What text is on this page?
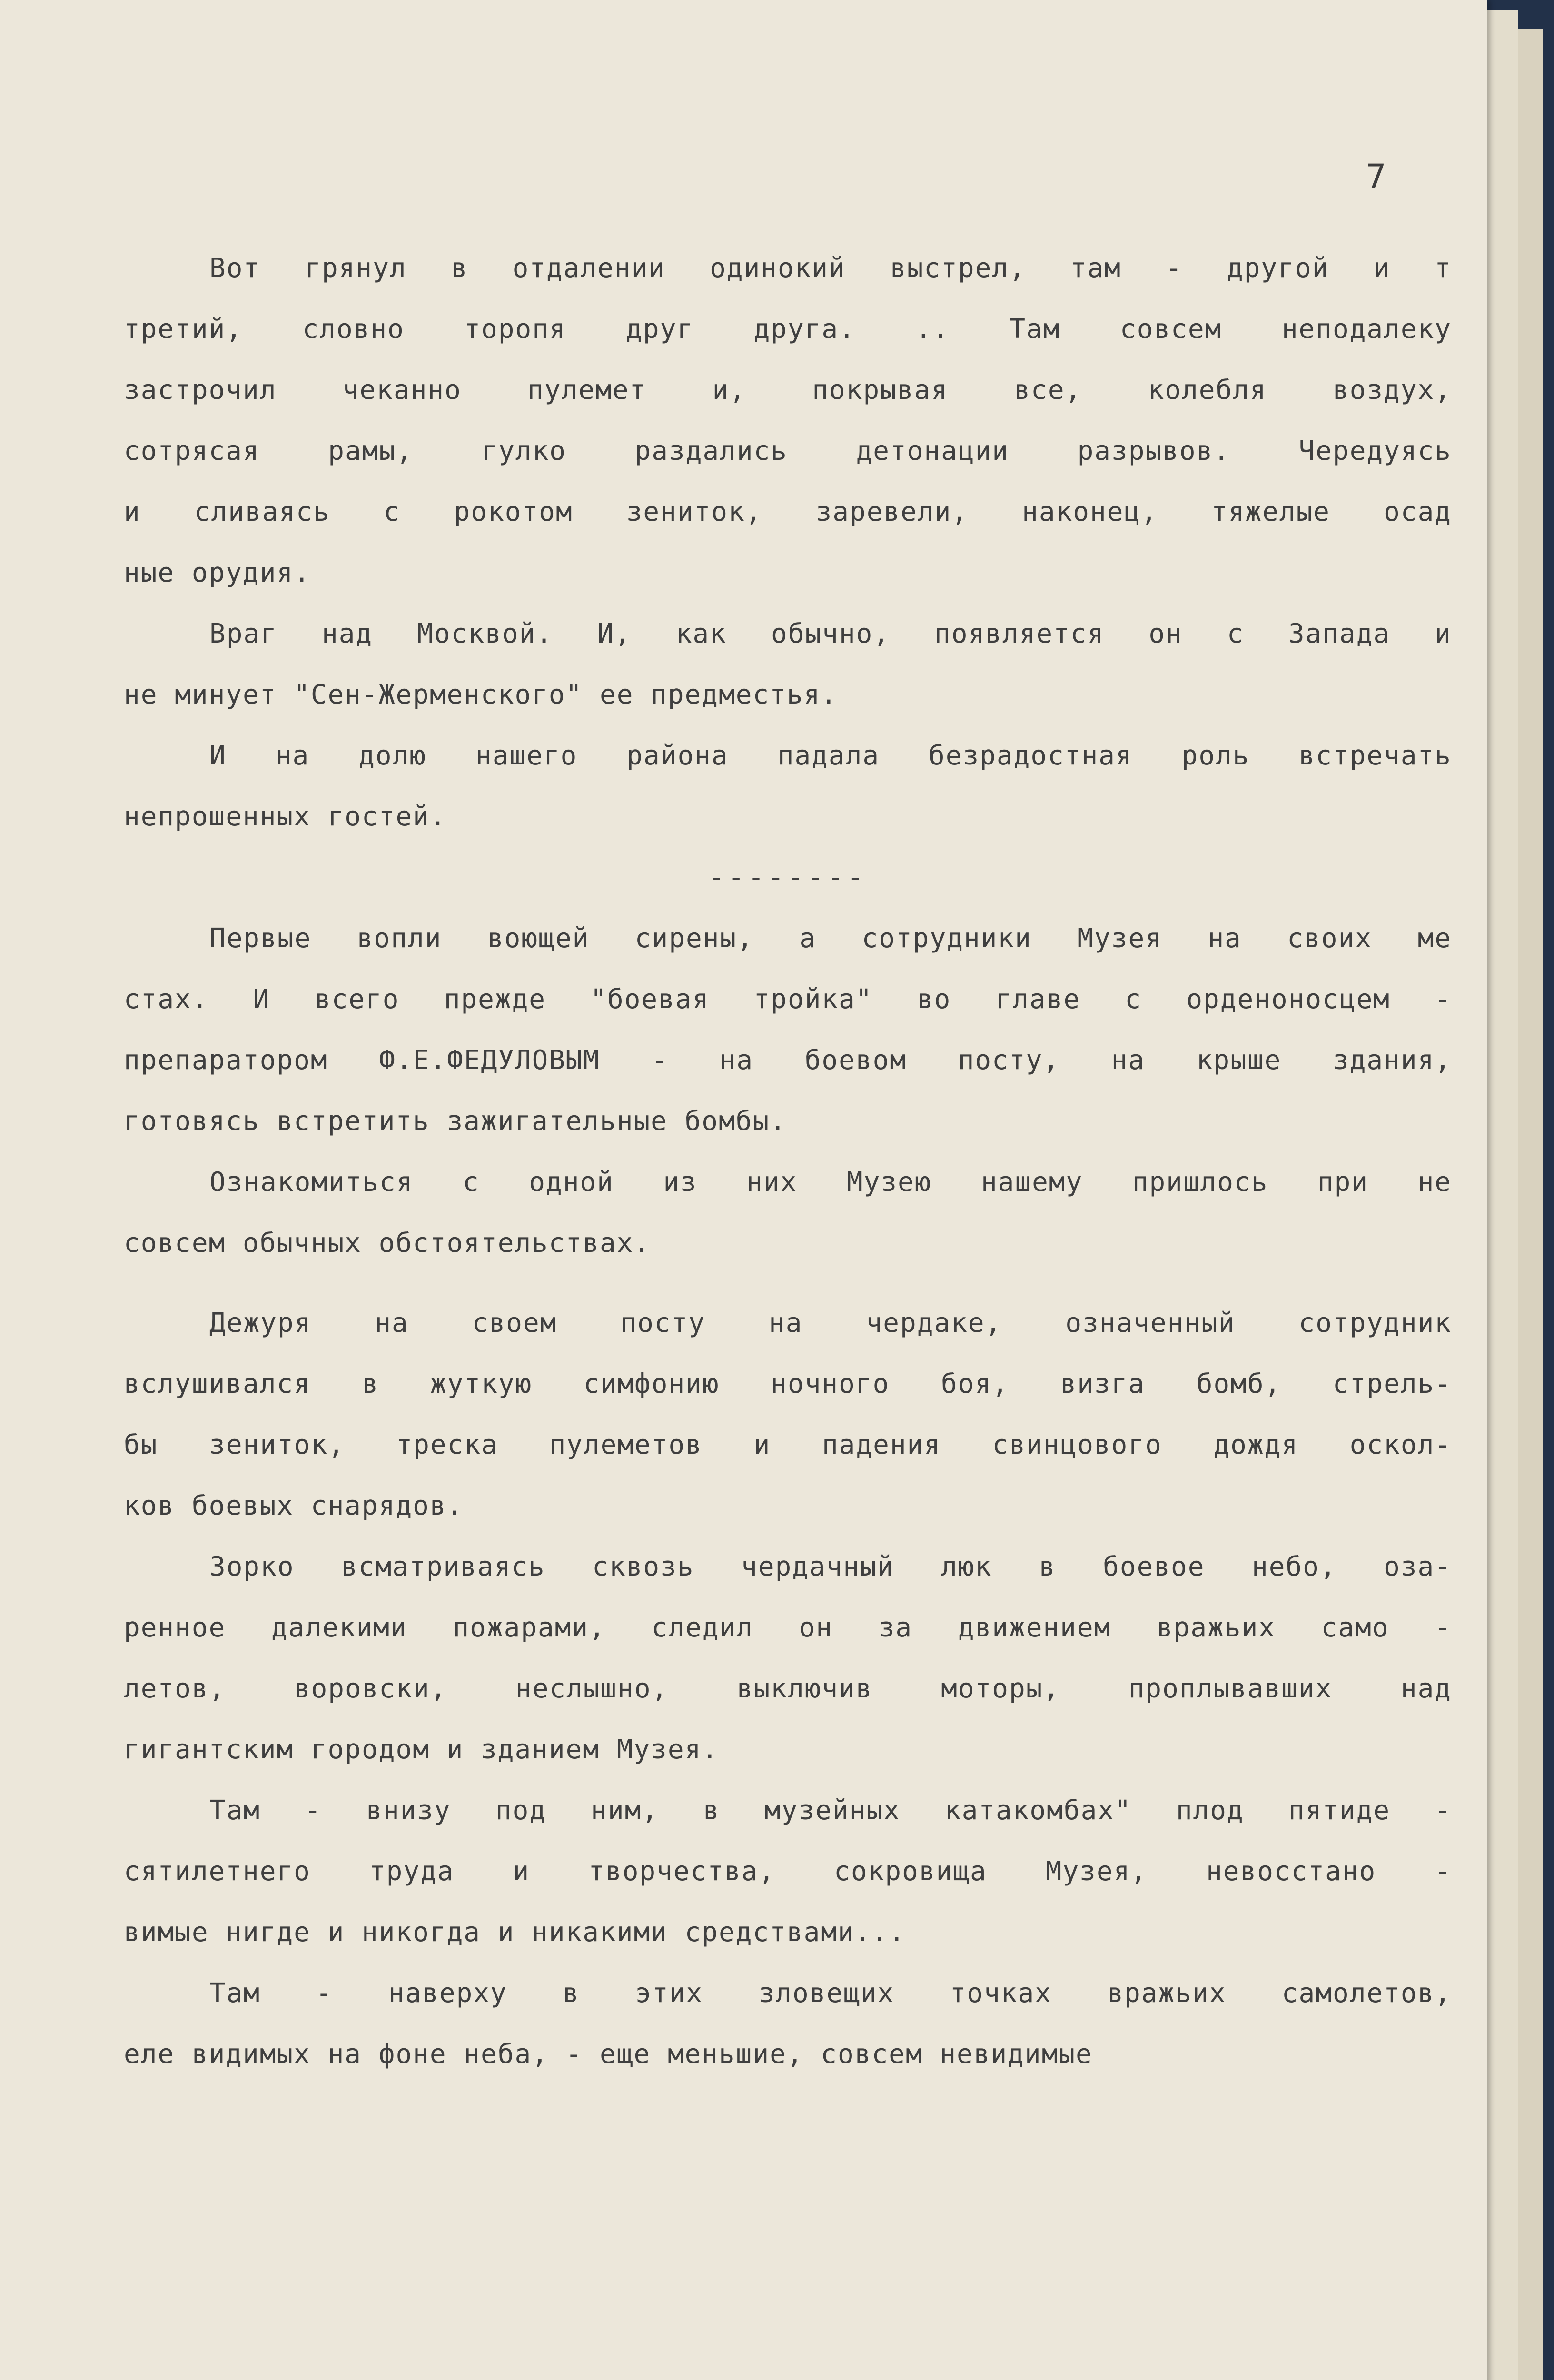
7
Вот грянул в отдалении одинокий выстрел, там - другой и т
третий, словно торопя друг друга. .. Там совсем неподалеку
застрочил чеканно пулемет и, покрывая все, колебля воздух,
сотрясая рамы, гулко раздались детонации разрывов. Чередуясь
и сливаясь с рокотом зениток, заревели, наконец, тяжелые осад
ные орудия.
Враг над Москвой. И, как обычно, появляется он с Запада и
не минует "Сен-Жерменского" ее предместья.
И на долю нашего района падала безрадостная роль встречать
непрошенных гостей.
--------
Первые вопли воющей сирены, а сотрудники Музея на своих ме
стах. И всего прежде "боевая тройка" во главе с орденоносцем -
препаратором Ф.Е.ФЕДУЛОВЫМ - на боевом посту, на крыше здания,
готовясь встретить зажигательные бомбы.
Ознакомиться с одной из них Музею нашему пришлось при не
совсем обычных обстоятельствах.
Дежуря на своем посту на чердаке, означенный сотрудник
вслушивался в жуткую симфонию ночного боя, визга бомб, стрель-
бы зениток, треска пулеметов и падения свинцового дождя оскол-
ков боевых снарядов.
Зорко всматриваясь сквозь чердачный люк в боевое небо, оза-
ренное далекими пожарами, следил он за движением вражьих само -
летов, воровски, неслышно, выключив моторы, проплывавших над
гигантским городом и зданием Музея.
Там - внизу под ним, в музейных катакомбах" плод пятиде -
сятилетнего труда и творчества, сокровища Музея, невосстано -
вимые нигде и никогда и никакими средствами...
Там - наверху в этих зловещих точках вражьих самолетов,
еле видимых на фоне неба, - еще меньшие, совсем невидимые
